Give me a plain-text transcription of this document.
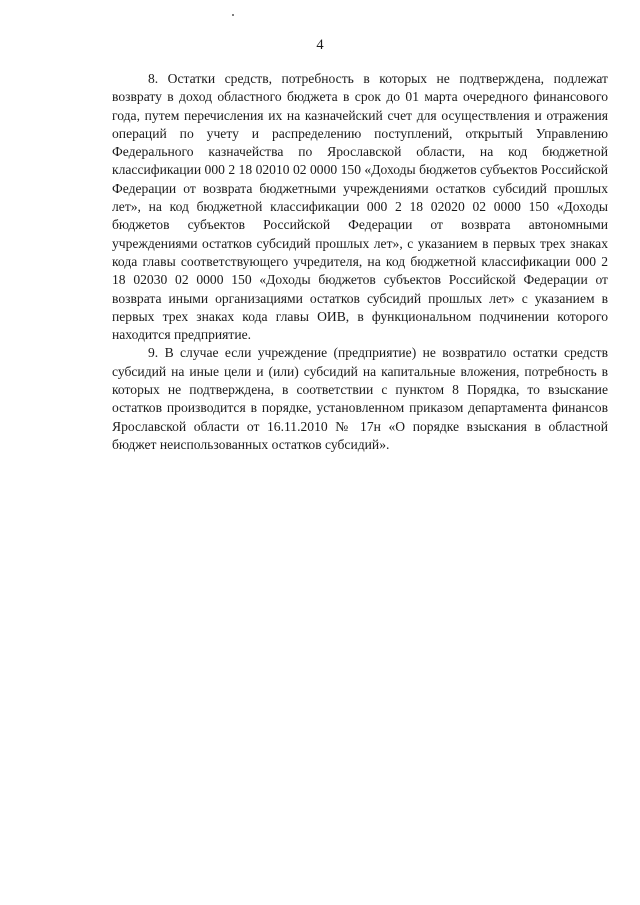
4

8. Остатки средств, потребность в которых не подтверждена, подлежат возврату в доход областного бюджета в срок до 01 марта очередного финансового года, путем перечисления их на казначейский счет для осуществления и отражения операций по учету и распределению поступлений, открытый Управлению Федерального казначейства по Ярославской области, на код бюджетной классификации 000 2 18 02010 02 0000 150 «Доходы бюджетов субъектов Российской Федерации от возврата бюджетными учреждениями остатков субсидий прошлых лет», на код бюджетной классификации 000 2 18 02020 02 0000 150 «Доходы бюджетов субъектов Российской Федерации от возврата автономными учреждениями остатков субсидий прошлых лет», с указанием в первых трех знаках кода главы соответствующего учредителя, на код бюджетной классификации 000 2 18 02030 02 0000 150 «Доходы бюджетов субъектов Российской Федерации от возврата иными организациями остатков субсидий прошлых лет» с указанием в первых трех знаках кода главы ОИВ, в функциональном подчинении которого находится предприятие.

9. В случае если учреждение (предприятие) не возвратило остатки средств субсидий на иные цели и (или) субсидий на капитальные вложения, потребность в которых не подтверждена, в соответствии с пунктом 8 Порядка, то взыскание остатков производится в порядке, установленном приказом департамента финансов Ярославской области от 16.11.2010 № 17н «О порядке взыскания в областной бюджет неиспользованных остатков субсидий».
